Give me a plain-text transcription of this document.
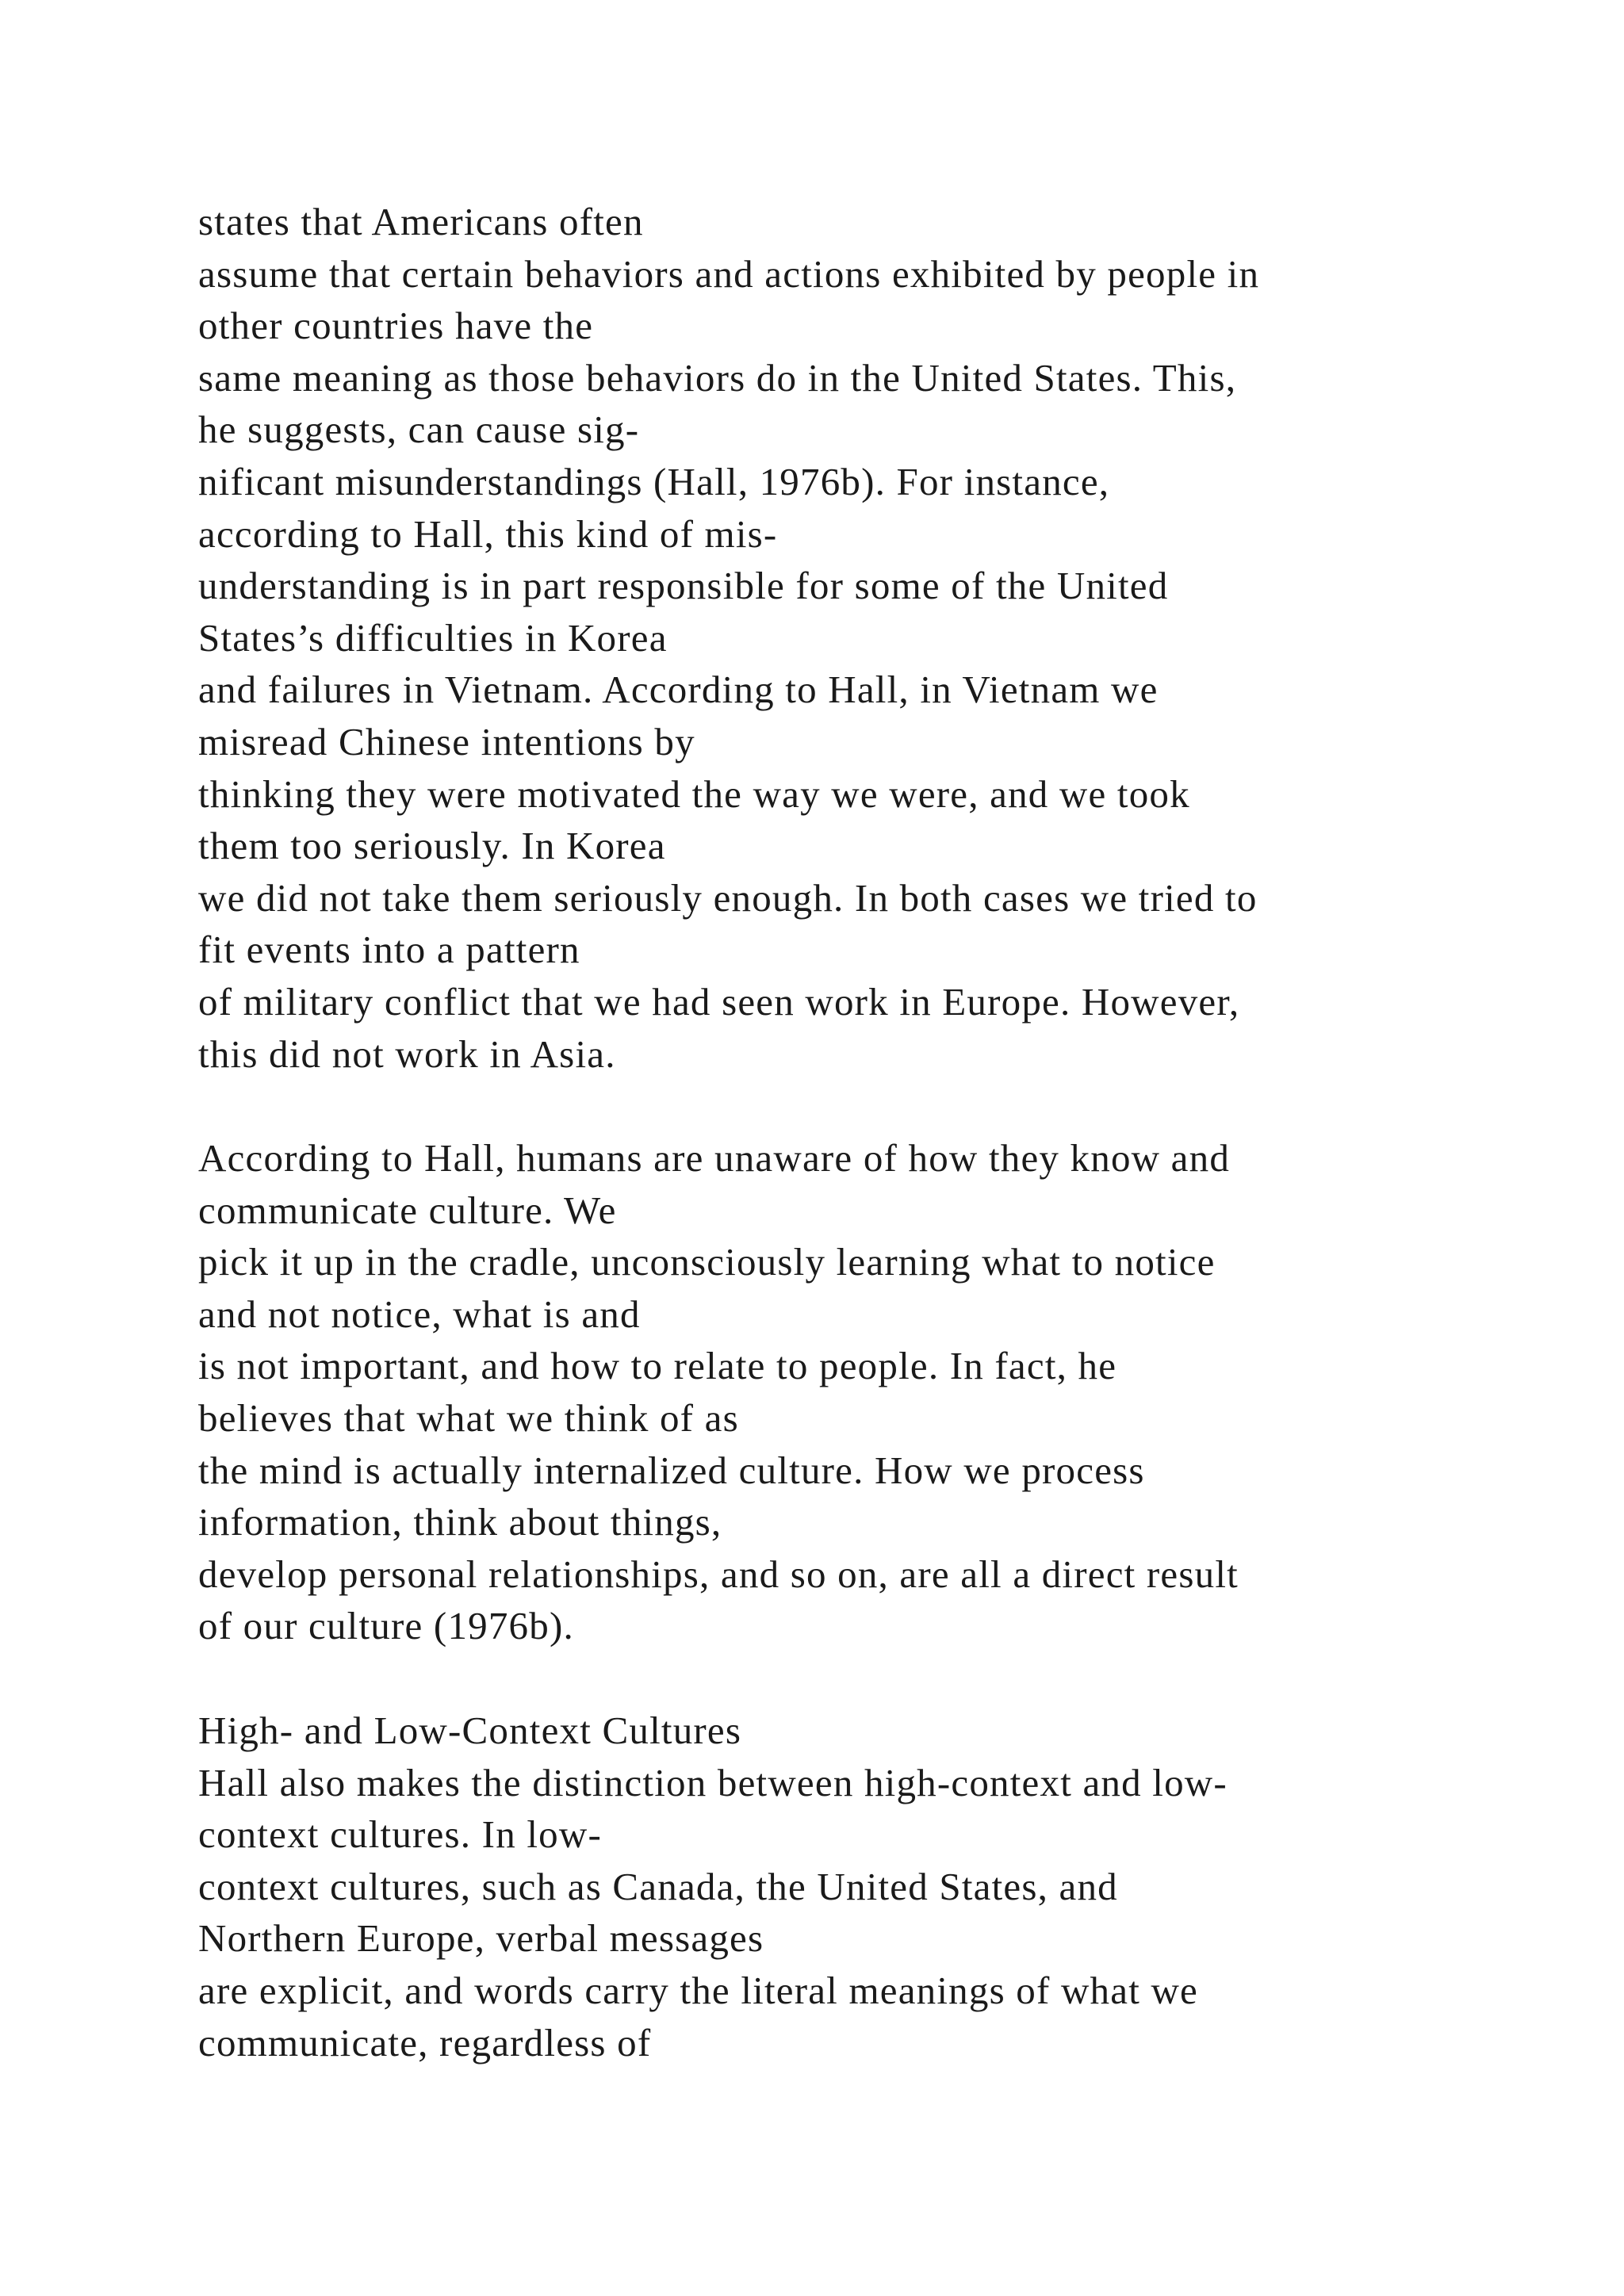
states that Americans often
assume that certain behaviors and actions exhibited by people in
other countries have the
same meaning as those behaviors do in the United States. This,
he suggests, can cause sig-
nificant misunderstandings (Hall, 1976b). For instance,
according to Hall, this kind of mis-
understanding is in part responsible for some of the United
States’s difficulties in Korea
and failures in Vietnam. According to Hall, in Vietnam we
misread Chinese intentions by
thinking they were motivated the way we were, and we took
them too seriously. In Korea
we did not take them seriously enough. In both cases we tried to
fit events into a pattern
of military conflict that we had seen work in Europe. However,
this did not work in Asia.

According to Hall, humans are unaware of how they know and
communicate culture. We
pick it up in the cradle, unconsciously learning what to notice
and not notice, what is and
is not important, and how to relate to people. In fact, he
believes that what we think of as
the mind is actually internalized culture. How we process
information, think about things,
develop personal relationships, and so on, are all a direct result
of our culture (1976b).

High- and Low-Context Cultures
Hall also makes the distinction between high-context and low-
context cultures. In low-
context cultures, such as Canada, the United States, and
Northern Europe, verbal messages
are explicit, and words carry the literal meanings of what we
communicate, regardless of
